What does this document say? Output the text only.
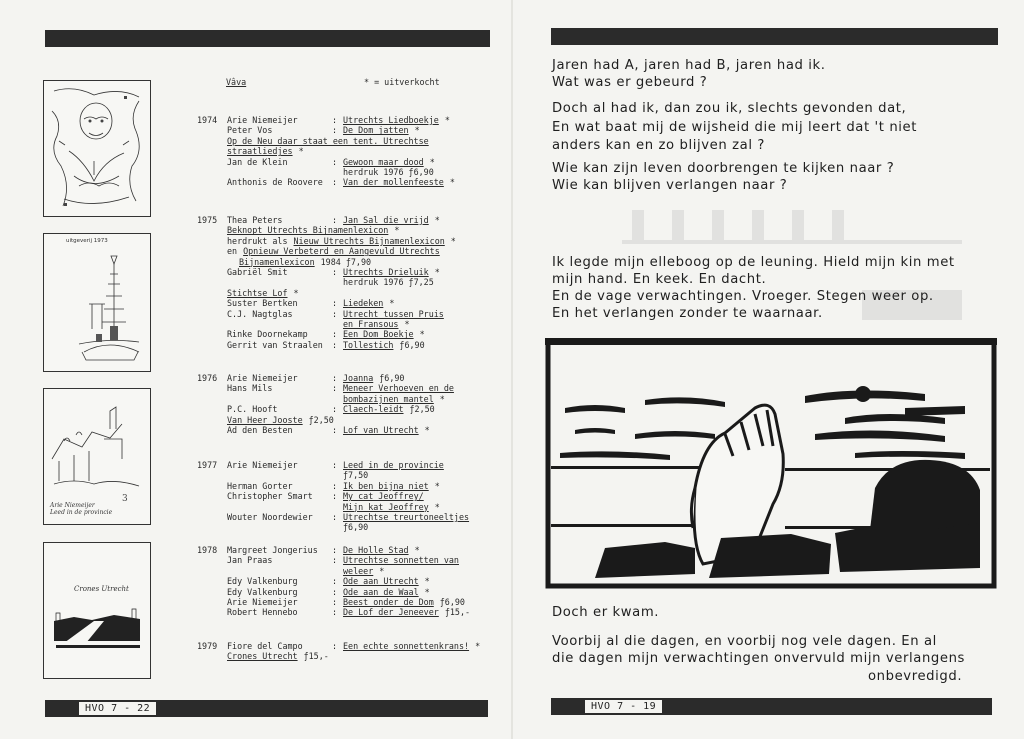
HVO 7 - 22	HVO 7 - 19
uitgeverij 1973
3
Arie Niemeijer
Leed in de provincie
Crones Utrecht
Vâva	* = uitverkocht
1974 Arie Niemeijer	: Utrechts Liedboekje *
Peter Vos	: De Dom jatten *
Op de Neu daar staat een tent. Utrechtse
straatliedjes *
Jan de Klein	: Gewoon maar dood *
herdruk 1976 ƒ6,90
Anthonis de Roovere : Van der mollenfeeste *
1975 Thea Peters	: Jan Sal die vrijd *
Beknopt Utrechts Bijnamenlexicon *
herdrukt als Nieuw Utrechts Bijnamenlexicon *
en Opnieuw Verbeterd en Aangevuld Utrechts
Bijnamenlexicon 1984 ƒ7,90
Gabriël Smit	: Utrechts Drieluik *
herdruk 1976 ƒ7,25
Stichtse Lof *
Suster Bertken	: Liedeken *
C.J. Nagtglas	: Utrecht tussen Pruis
en Fransous *
Rinke Doornekamp	: Een Dom Boekje *
Gerrit van Straalen : Tollestich ƒ6,90
1976 Arie Niemeijer	: Joanna ƒ6,90
Hans Mils	: Meneer Verhoeven en de
bombazijnen mantel *
P.C. Hooft	: Claech-leidt ƒ2,50
Van Heer Jooste ƒ2,50
Ad den Besten	: Lof van Utrecht *
1977 Arie Niemeijer	: Leed in de provincie
ƒ7,50
Herman Gorter	: Ik ben bijna niet *
Christopher Smart : My cat Jeoffrey/
Mijn kat Jeoffrey *
Wouter Noordewier : Utrechtse treurtoneeltjes
ƒ6,90
1978 Margreet Jongerius : De Holle Stad *
Jan Praas	: Utrechtse sonnetten van
weleer *
Edy Valkenburg	: Ode aan Utrecht *
Edy Valkenburg	: Ode aan de Waal *
Arie Niemeijer	: Beest onder de Dom ƒ6,90
Robert Hennebo	: De Lof der Jeneever ƒ15,-
1979 Fiore del Campo	: Een echte sonnettenkrans! *
Crones Utrecht ƒ15,-
Jaren had A, jaren had B, jaren had ik.
Wat was er gebeurd ?
Doch al had ik, dan zou ik, slechts gevonden dat,
En wat baat mij de wijsheid die mij leert dat 't niet
anders kan en zo blijven zal ?
Wie kan zijn leven doorbrengen te kijken naar ?
Wie kan blijven verlangen naar ?
Ik legde mijn elleboog op de leuning. Hield mijn kin met
mijn hand. En keek. En dacht.
En de vage verwachtingen. Vroeger. Stegen weer op.
En het verlangen zonder te waarnaar.
Doch er kwam.
Voorbij al die dagen, en voorbij nog vele dagen. En al
die dagen mijn verwachtingen onvervuld mijn verlangens
onbevredigd.
